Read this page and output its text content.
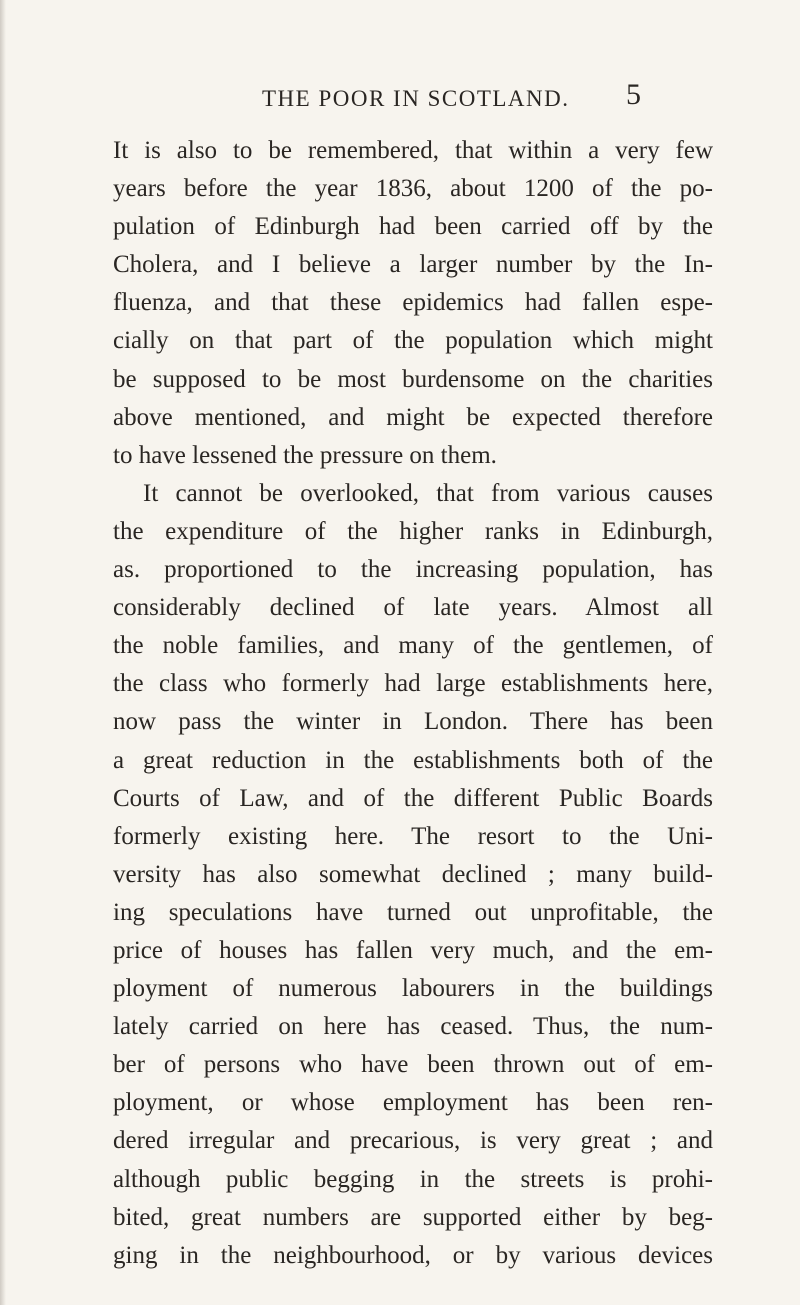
THE POOR IN SCOTLAND. 5
It is also to be remembered, that within a very few
years before the year 1836, about 1200 of the po-
pulation of Edinburgh had been carried off by the
Cholera, and I believe a larger number by the In-
fluenza, and that these epidemics had fallen espe-
cially on that part of the population which might
be supposed to be most burdensome on the charities
above mentioned, and might be expected therefore
to have lessened the pressure on them.
It cannot be overlooked, that from various causes
the expenditure of the higher ranks in Edinburgh,
as. proportioned to the increasing population, has
considerably declined of late years. Almost all
the noble families, and many of the gentlemen, of
the class who formerly had large establishments here,
now pass the winter in London. There has been
a great reduction in the establishments both of the
Courts of Law, and of the different Public Boards
formerly existing here. The resort to the Uni-
versity has also somewhat declined ; many build-
ing speculations have turned out unprofitable, the
price of houses has fallen very much, and the em-
ployment of numerous labourers in the buildings
lately carried on here has ceased. Thus, the num-
ber of persons who have been thrown out of em-
ployment, or whose employment has been ren-
dered irregular and precarious, is very great ; and
although public begging in the streets is prohi-
bited, great numbers are supported either by beg-
ging in the neighbourhood, or by various devices
